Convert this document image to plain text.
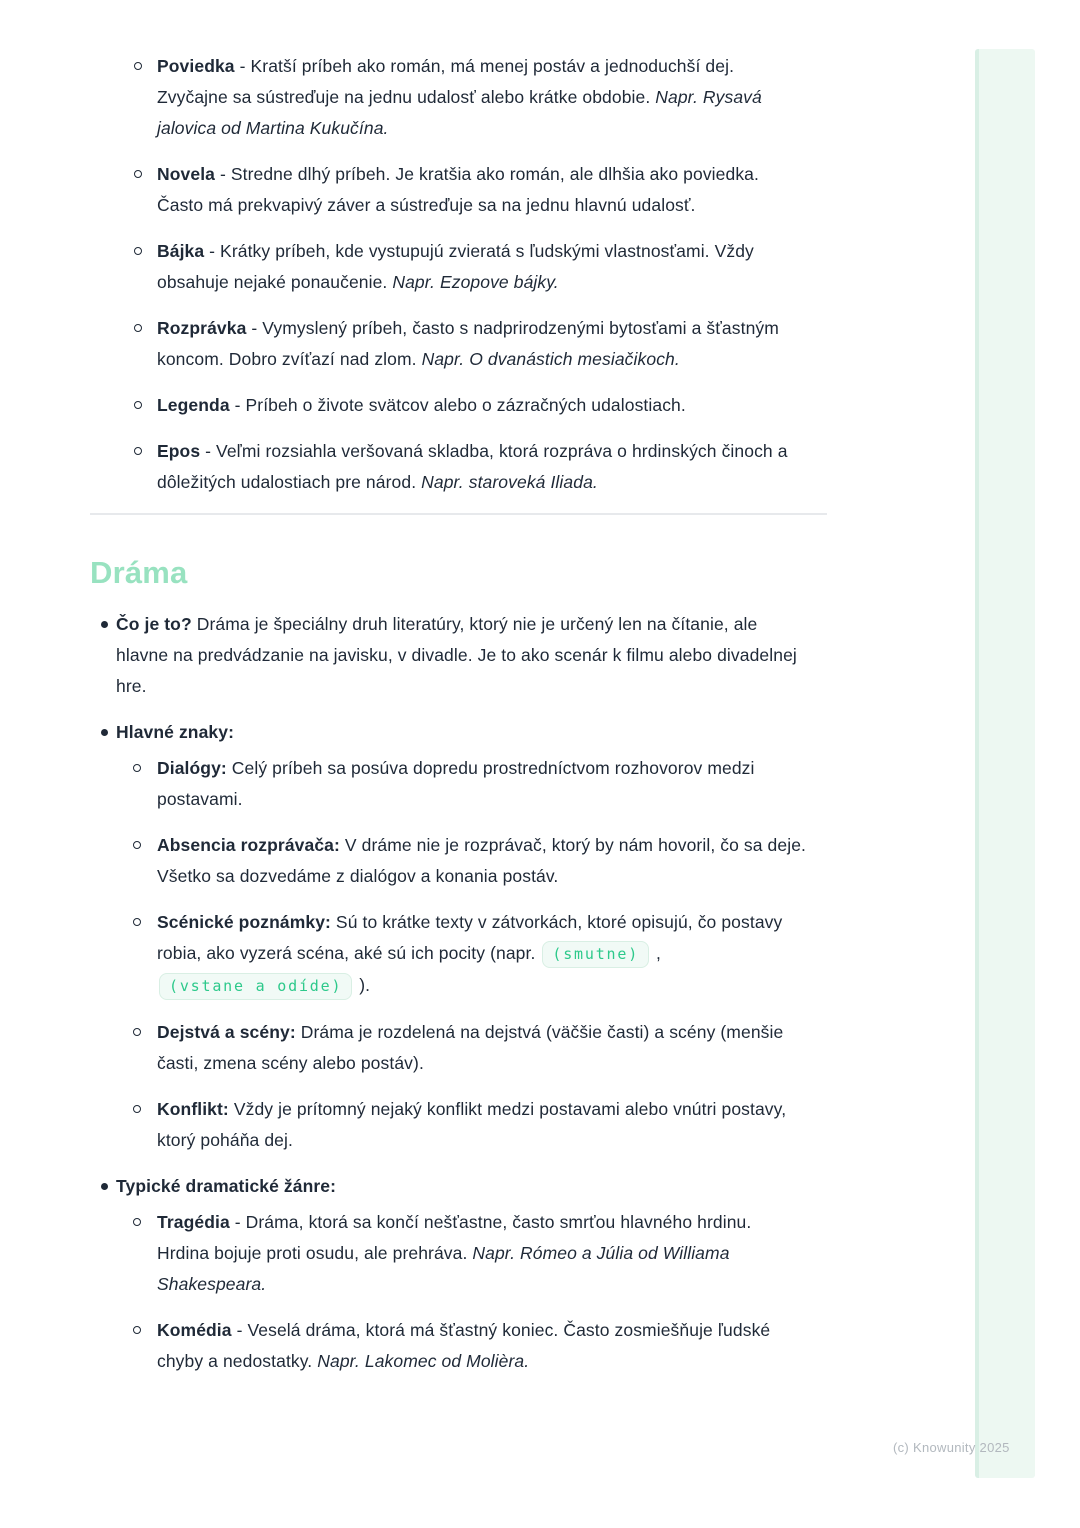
Poviedka - Kratší príbeh ako román, má menej postáv a jednoduchší dej. Zvyčajne sa sústreďuje na jednu udalosť alebo krátke obdobie. Napr. Rysavá jalovica od Martina Kukučína.
Novela - Stredne dlhý príbeh. Je kratšia ako román, ale dlhšia ako poviedka. Často má prekvapivý záver a sústreďuje sa na jednu hlavnú udalosť.
Bájka - Krátky príbeh, kde vystupujú zvieratá s ľudskými vlastnosťami. Vždy obsahuje nejaké ponaučenie. Napr. Ezopove bájky.
Rozprávka - Vymyslený príbeh, často s nadprirodzenými bytosťami a šťastným koncom. Dobro zvíťazí nad zlom. Napr. O dvanástich mesiačikoch.
Legenda - Príbeh o živote svätcov alebo o zázračných udalostiach.
Epos - Veľmi rozsiahla veršovaná skladba, ktorá rozpráva o hrdinských činoch a dôležitých udalostiach pre národ. Napr. staroveká Iliada.
Dráma
Čo je to? Dráma je špeciálny druh literatúry, ktorý nie je určený len na čítanie, ale hlavne na predvádzanie na javisku, v divadle. Je to ako scenár k filmu alebo divadelnej hre.
Hlavné znaky:
Dialógy: Celý príbeh sa posúva dopredu prostredníctvom rozhovorov medzi postavami.
Absencia rozprávača: V dráme nie je rozprávač, ktorý by nám hovoril, čo sa deje. Všetko sa dozvedáme z dialógov a konania postáv.
Scénické poznámky: Sú to krátke texty v zátvorkách, ktoré opisujú, čo postavy robia, ako vyzerá scéna, aké sú ich pocity (napr. (smutne) , (vstane a odíde) ).
Dejstvá a scény: Dráma je rozdelená na dejstvá (väčšie časti) a scény (menšie časti, zmena scény alebo postáv).
Konflikt: Vždy je prítomný nejaký konflikt medzi postavami alebo vnútri postavy, ktorý poháňa dej.
Typické dramatické žánre:
Tragédia - Dráma, ktorá sa končí nešťastne, často smrťou hlavného hrdinu. Hrdina bojuje proti osudu, ale prehráva. Napr. Rómeo a Júlia od Williama Shakespeara.
Komédia - Veselá dráma, ktorá má šťastný koniec. Často zosmiešňuje ľudské chyby a nedostatky. Napr. Lakomec od Molièra.
(c) Knowunity 2025
